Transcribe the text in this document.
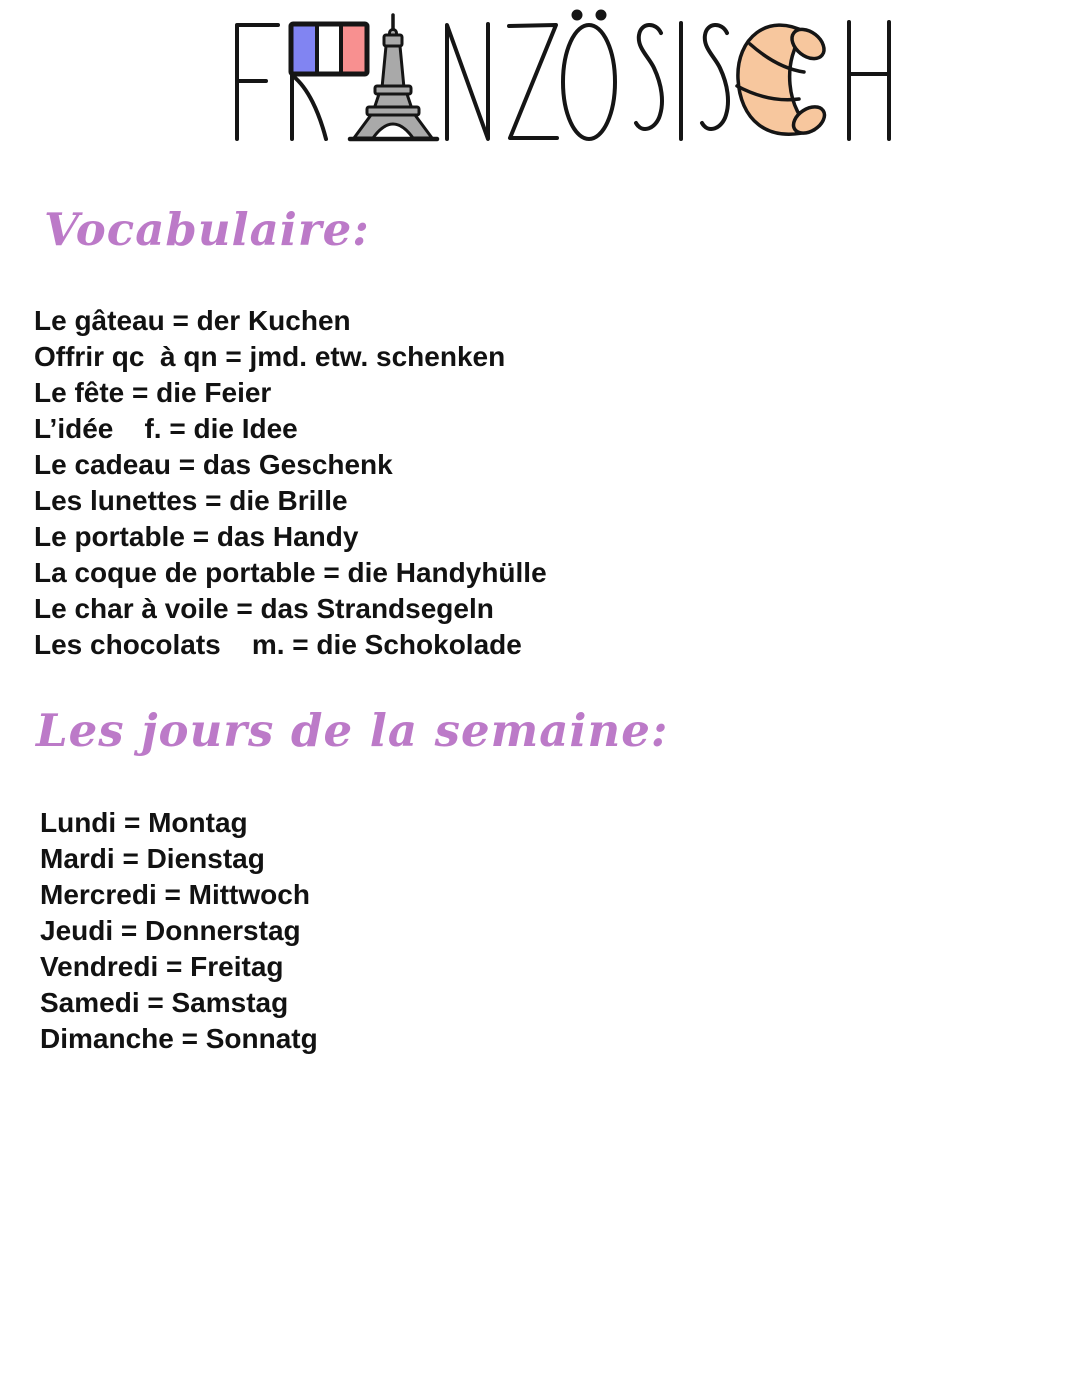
Vocabulaire:
Le gâteau = der Kuchen
Offrir qc  à qn = jmd. etw. schenken
Le fête = die Feier
L’idée    f. = die Idee
Le cadeau = das Geschenk
Les lunettes = die Brille
Le portable = das Handy
La coque de portable = die Handyhülle
Le char à voile = das Strandsegeln
Les chocolats    m. = die Schokolade
Les jours de la semaine:
Lundi = Montag
Mardi = Dienstag
Mercredi = Mittwoch
Jeudi = Donnerstag
Vendredi = Freitag
Samedi = Samstag
Dimanche = Sonnatg
